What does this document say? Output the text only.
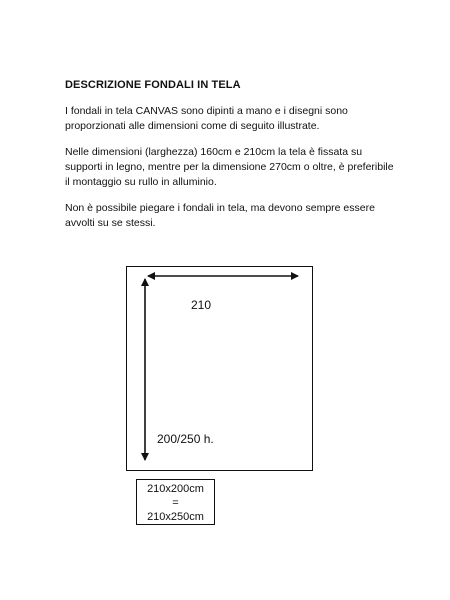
DESCRIZIONE FONDALI IN TELA

I fondali in tela CANVAS sono dipinti a mano e i disegni sono proporzionati alle dimensioni come di seguito illustrate.

Nelle dimensioni (larghezza) 160cm e 210cm la tela è fissata su supporti in legno, mentre per la dimensione 270cm o oltre, è preferibile il montaggio su rullo in alluminio.

Non è possibile piegare i fondali in tela, ma devono sempre essere avvolti su se stessi.

210
200/250 h.
210x200cm
=
210x250cm
